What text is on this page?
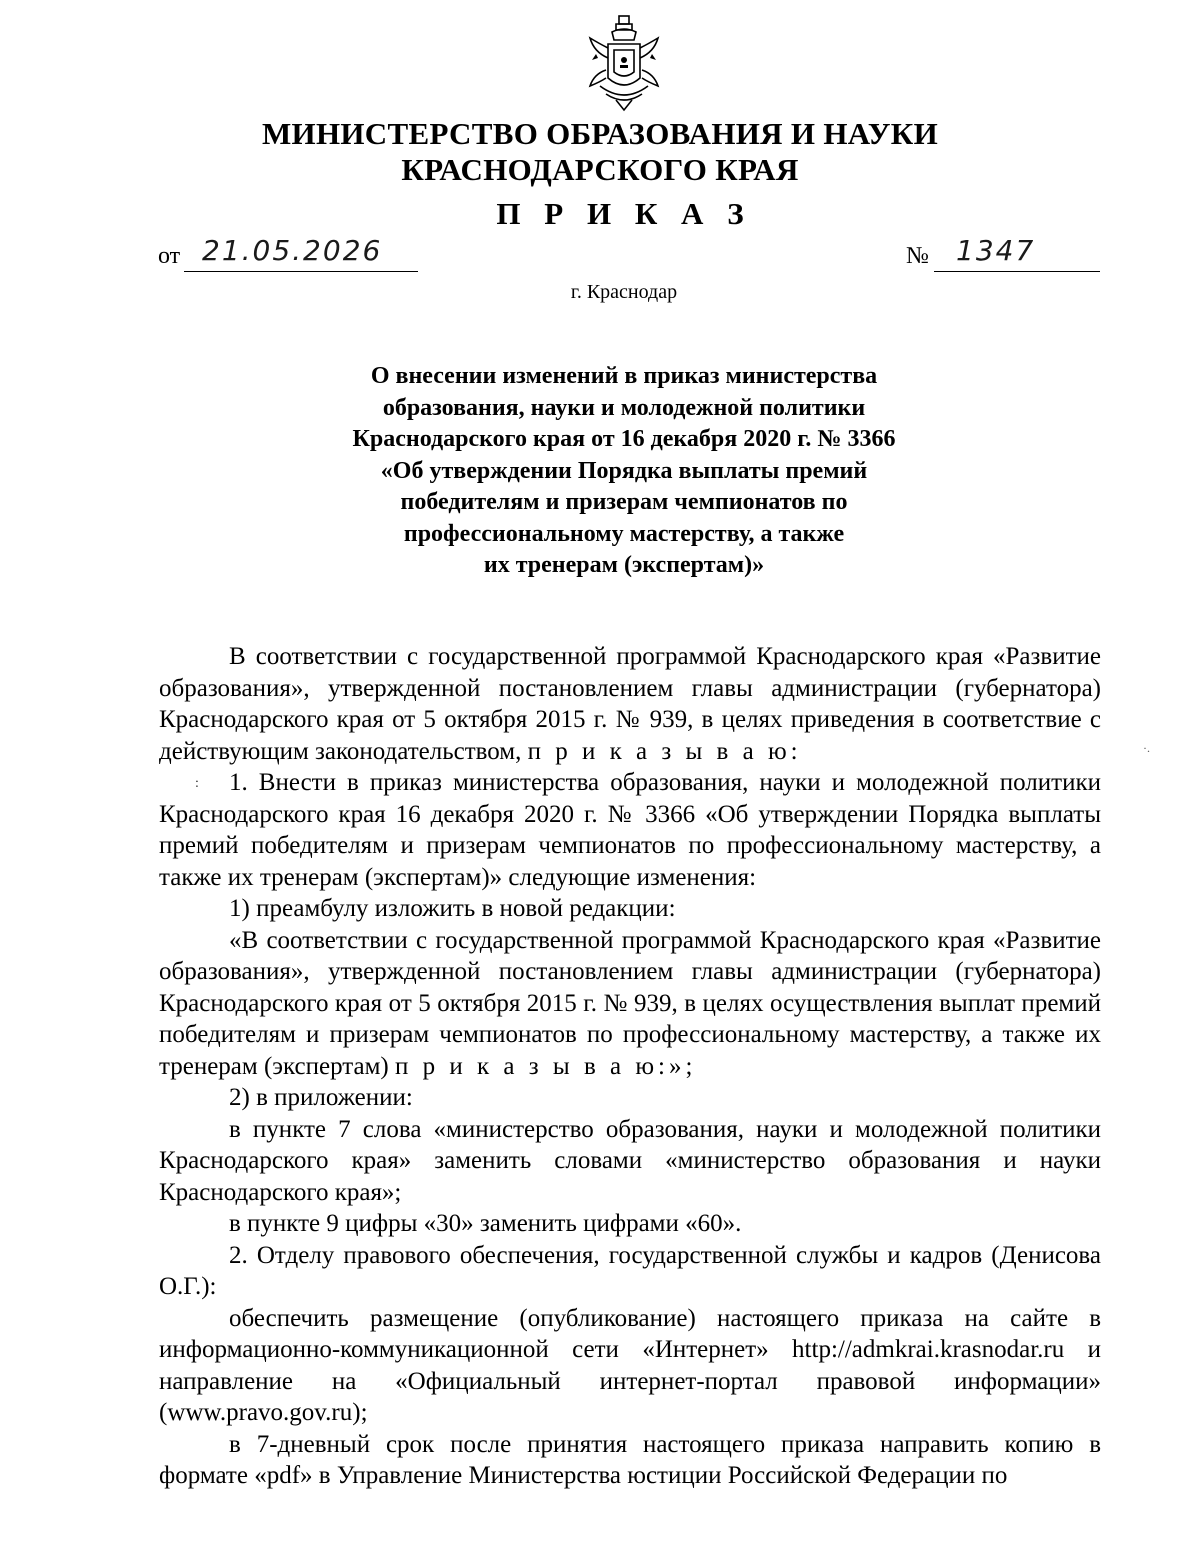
МИНИСТЕРСТВО ОБРАЗОВАНИЯ И НАУКИ
КРАСНОДАРСКОГО КРАЯ
П Р И К А З
от 21.05.2026	№ 1347
г. Краснодар
О внесении изменений в приказ министерства
образования, науки и молодежной политики
Краснодарского края от 16 декабря 2020 г. № 3366
«Об утверждении Порядка выплаты премий
победителям и призерам чемпионатов по
профессиональному мастерству, а также
их тренерам (экспертам)»
·.
:

В соответствии с государственной программой Краснодарского края «Развитие образования», утвержденной постановлением главы администрации (губернатора) Краснодарского края от 5 октября 2015 г. № 939, в целях приведения в соответствие с действующим законодательством, п р и к а з ы в а ю:

1. Внести в приказ министерства образования, науки и молодежной политики Краснодарского края 16 декабря 2020 г. № 3366 «Об утверждении Порядка выплаты премий победителям и призерам чемпионатов по профессиональному мастерству, а также их тренерам (экспертам)» следующие изменения:

1) преамбулу изложить в новой редакции:

«В соответствии с государственной программой Краснодарского края «Развитие образования», утвержденной постановлением главы администрации (губернатора) Краснодарского края от 5 октября 2015 г. № 939, в целях осуществления выплат премий победителям и призерам чемпионатов по профессиональному мастерству, а также их тренерам (экспертам) п р и к а з ы в а ю:»;

2) в приложении:

в пункте 7 слова «министерство образования, науки и молодежной политики Краснодарского края» заменить словами «министерство образования и науки Краснодарского края»;

в пункте 9 цифры «30» заменить цифрами «60».

2. Отделу правового обеспечения, государственной службы и кадров (Денисова О.Г.):

обеспечить размещение (опубликование) настоящего приказа на сайте в информационно-коммуникационной сети «Интернет» http://admkrai.krasnodar.ru и направление на «Официальный интернет-портал правовой информации» (www.pravo.gov.ru);

в 7-дневный срок после принятия настоящего приказа направить копию в формате «pdf» в Управление Министерства юстиции Российской Федерации по
